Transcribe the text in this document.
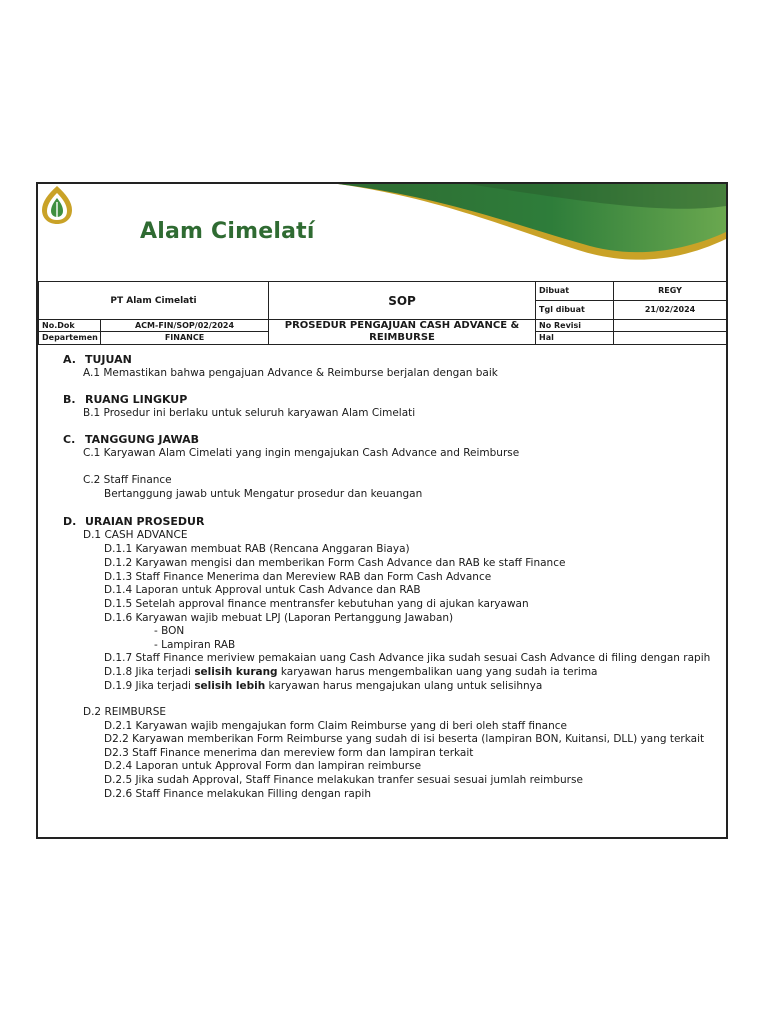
Alam Cimelatí
PT Alam Cimelati		SOP	Dibuat	REGY
			Tgl dibuat	21/02/2024
No.Dok	ACM-FIN/SOP/02/2024	PROSEDUR PENGAJUAN CASH ADVANCE & REIMBURSE	No Revisi	
Departemen	FINANCE		Hal	
A. TUJUAN
A.1 Memastikan bahwa pengajuan Advance & Reimburse berjalan dengan baik
B. RUANG LINGKUP
B.1 Prosedur ini berlaku untuk seluruh karyawan Alam Cimelati
C. TANGGUNG JAWAB
C.1 Karyawan Alam Cimelati yang ingin mengajukan Cash Advance and Reimburse
C.2 Staff Finance
Bertanggung jawab untuk Mengatur prosedur dan keuangan
D. URAIAN PROSEDUR
D.1 CASH ADVANCE
D.1.1 Karyawan membuat RAB (Rencana Anggaran Biaya)
D.1.2 Karyawan mengisi dan memberikan Form Cash Advance dan RAB ke staff Finance
D.1.3 Staff Finance Menerima dan Mereview RAB dan Form Cash Advance
D.1.4 Laporan untuk Approval untuk Cash Advance dan RAB
D.1.5 Setelah approval finance mentransfer kebutuhan yang di ajukan karyawan
D.1.6 Karyawan wajib mebuat LPJ (Laporan Pertanggung Jawaban)
- BON
- Lampiran RAB
D.1.7 Staff Finance meriview pemakaian uang Cash Advance jika sudah sesuai Cash Advance di filing dengan rapih
D.1.8 Jika terjadi selisih kurang karyawan harus mengembalikan uang yang sudah ia terima
D.1.9 Jika terjadi selisih lebih karyawan harus mengajukan ulang untuk selisihnya
D.2 REIMBURSE
D.2.1 Karyawan wajib mengajukan form Claim Reimburse yang di beri oleh staff finance
D2.2 Karyawan memberikan Form Reimburse yang sudah di isi beserta (lampiran BON, Kuitansi, DLL) yang terkait
D2.3 Staff Finance menerima dan mereview form dan lampiran terkait
D.2.4 Laporan untuk Approval Form dan lampiran reimburse
D.2.5 Jika sudah Approval, Staff Finance melakukan tranfer sesuai sesuai jumlah reimburse
D.2.6 Staff Finance melakukan Filling dengan rapih
